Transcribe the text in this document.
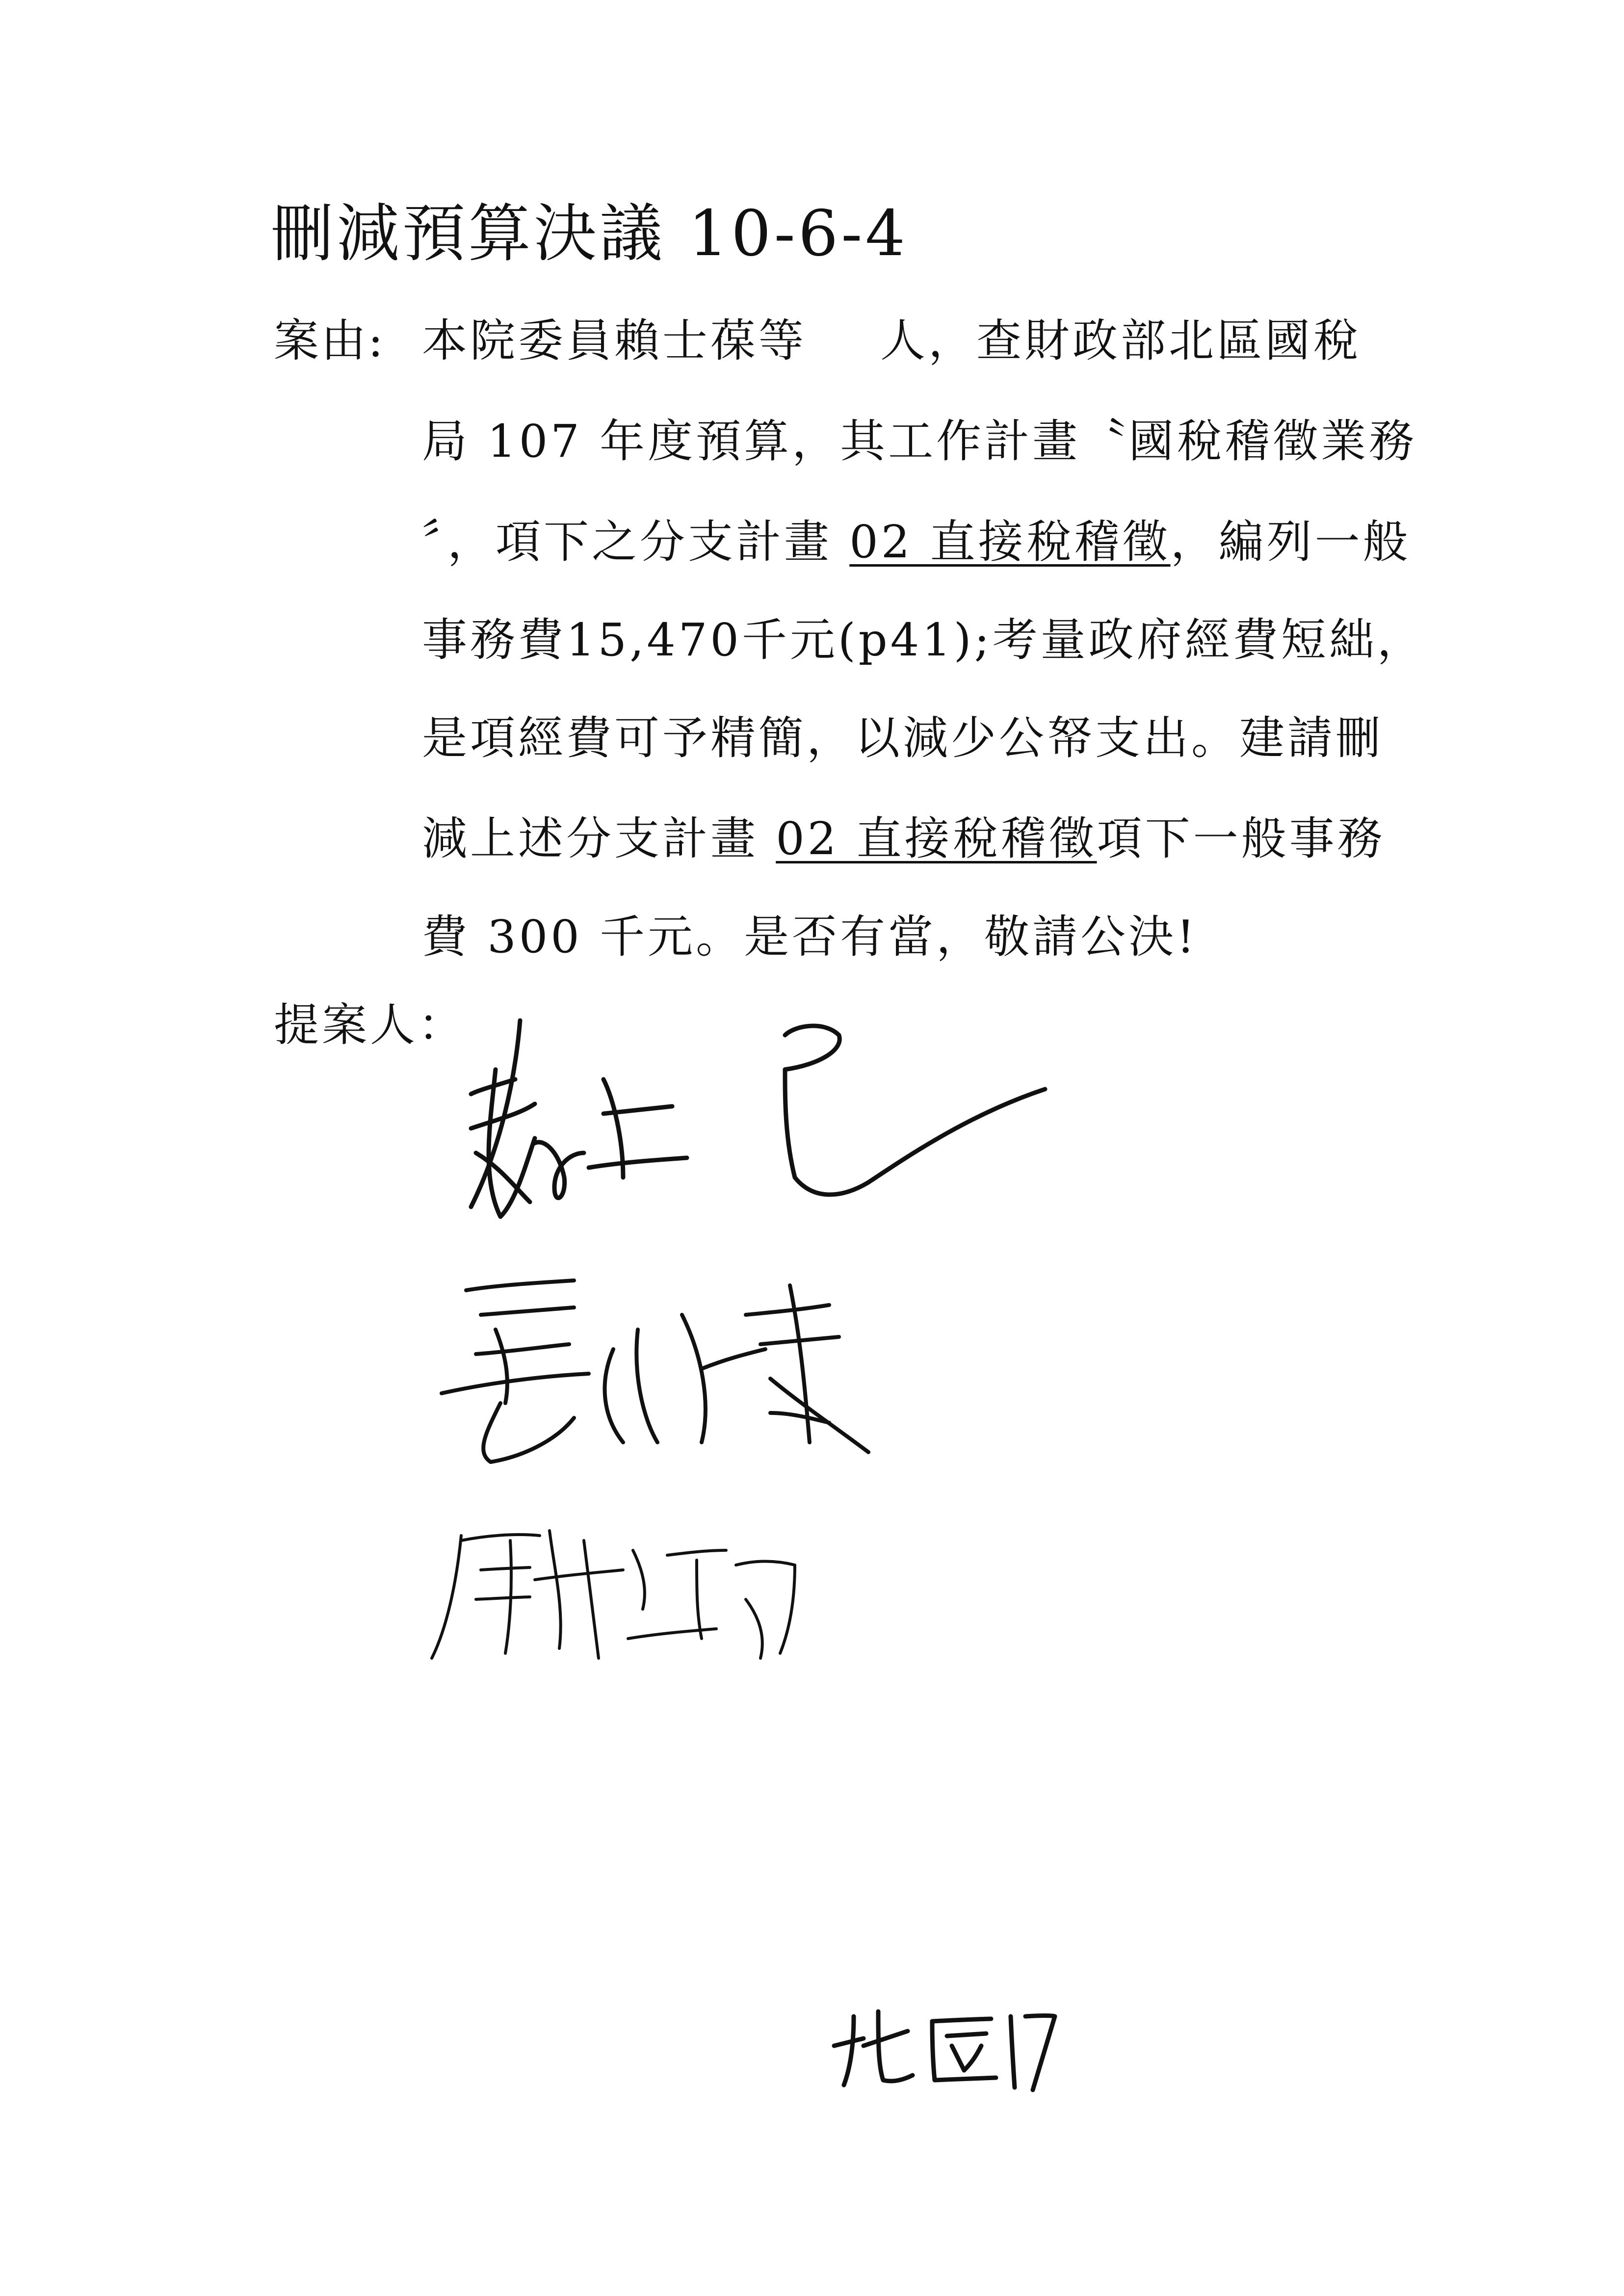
刪減預算決議 10-6-4
案由: 本院委員賴士葆等 人，查財政部北區國稅
局 107 年度預算，其工作計畫〝國稅稽徵業務
〞，項下之分支計畫 02 直接稅稽徵，編列一般
事務費15,470千元(p41);考量政府經費短絀，
是項經費可予精簡，以減少公帑支出。建請刪
減上述分支計畫 02 直接稅稽徵項下一般事務
費 300 千元。是否有當，敬請公決!
提案人：
